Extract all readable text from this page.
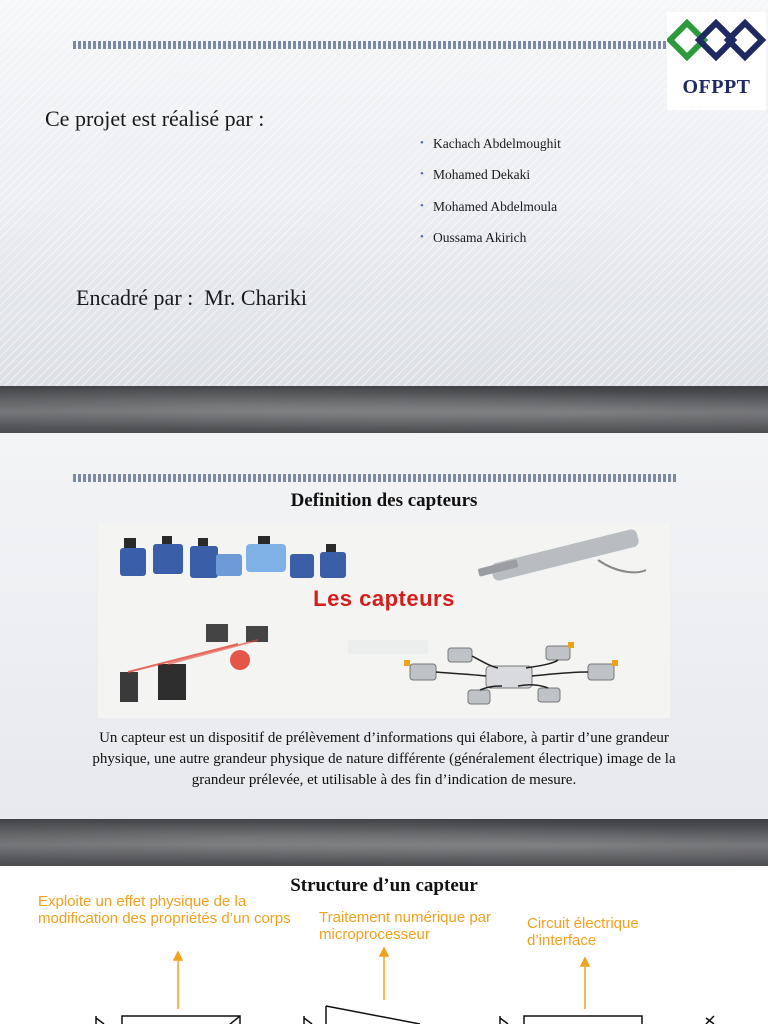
OFPPT
Ce projet est réalisé par :
• Kachach Abdelmoughit
• Mohamed Dekaki
• Mohamed Abdelmoula
• Oussama Akirich
Encadré par :  Mr. Chariki
Definition des capteurs
Les capteurs

Un capteur est un dispositif de prélèvement d’informations qui élabore, à partir d’une grandeur physique, une autre grandeur physique de nature différente (généralement électrique) image de la grandeur prélevée, et utilisable à des fin d’indication de mesure.

Structure d’un capteur
Exploite un effet physique de la modification des propriétés d’un corps	Traitement numérique par microprocesseur
Circuit électrique d’interface
